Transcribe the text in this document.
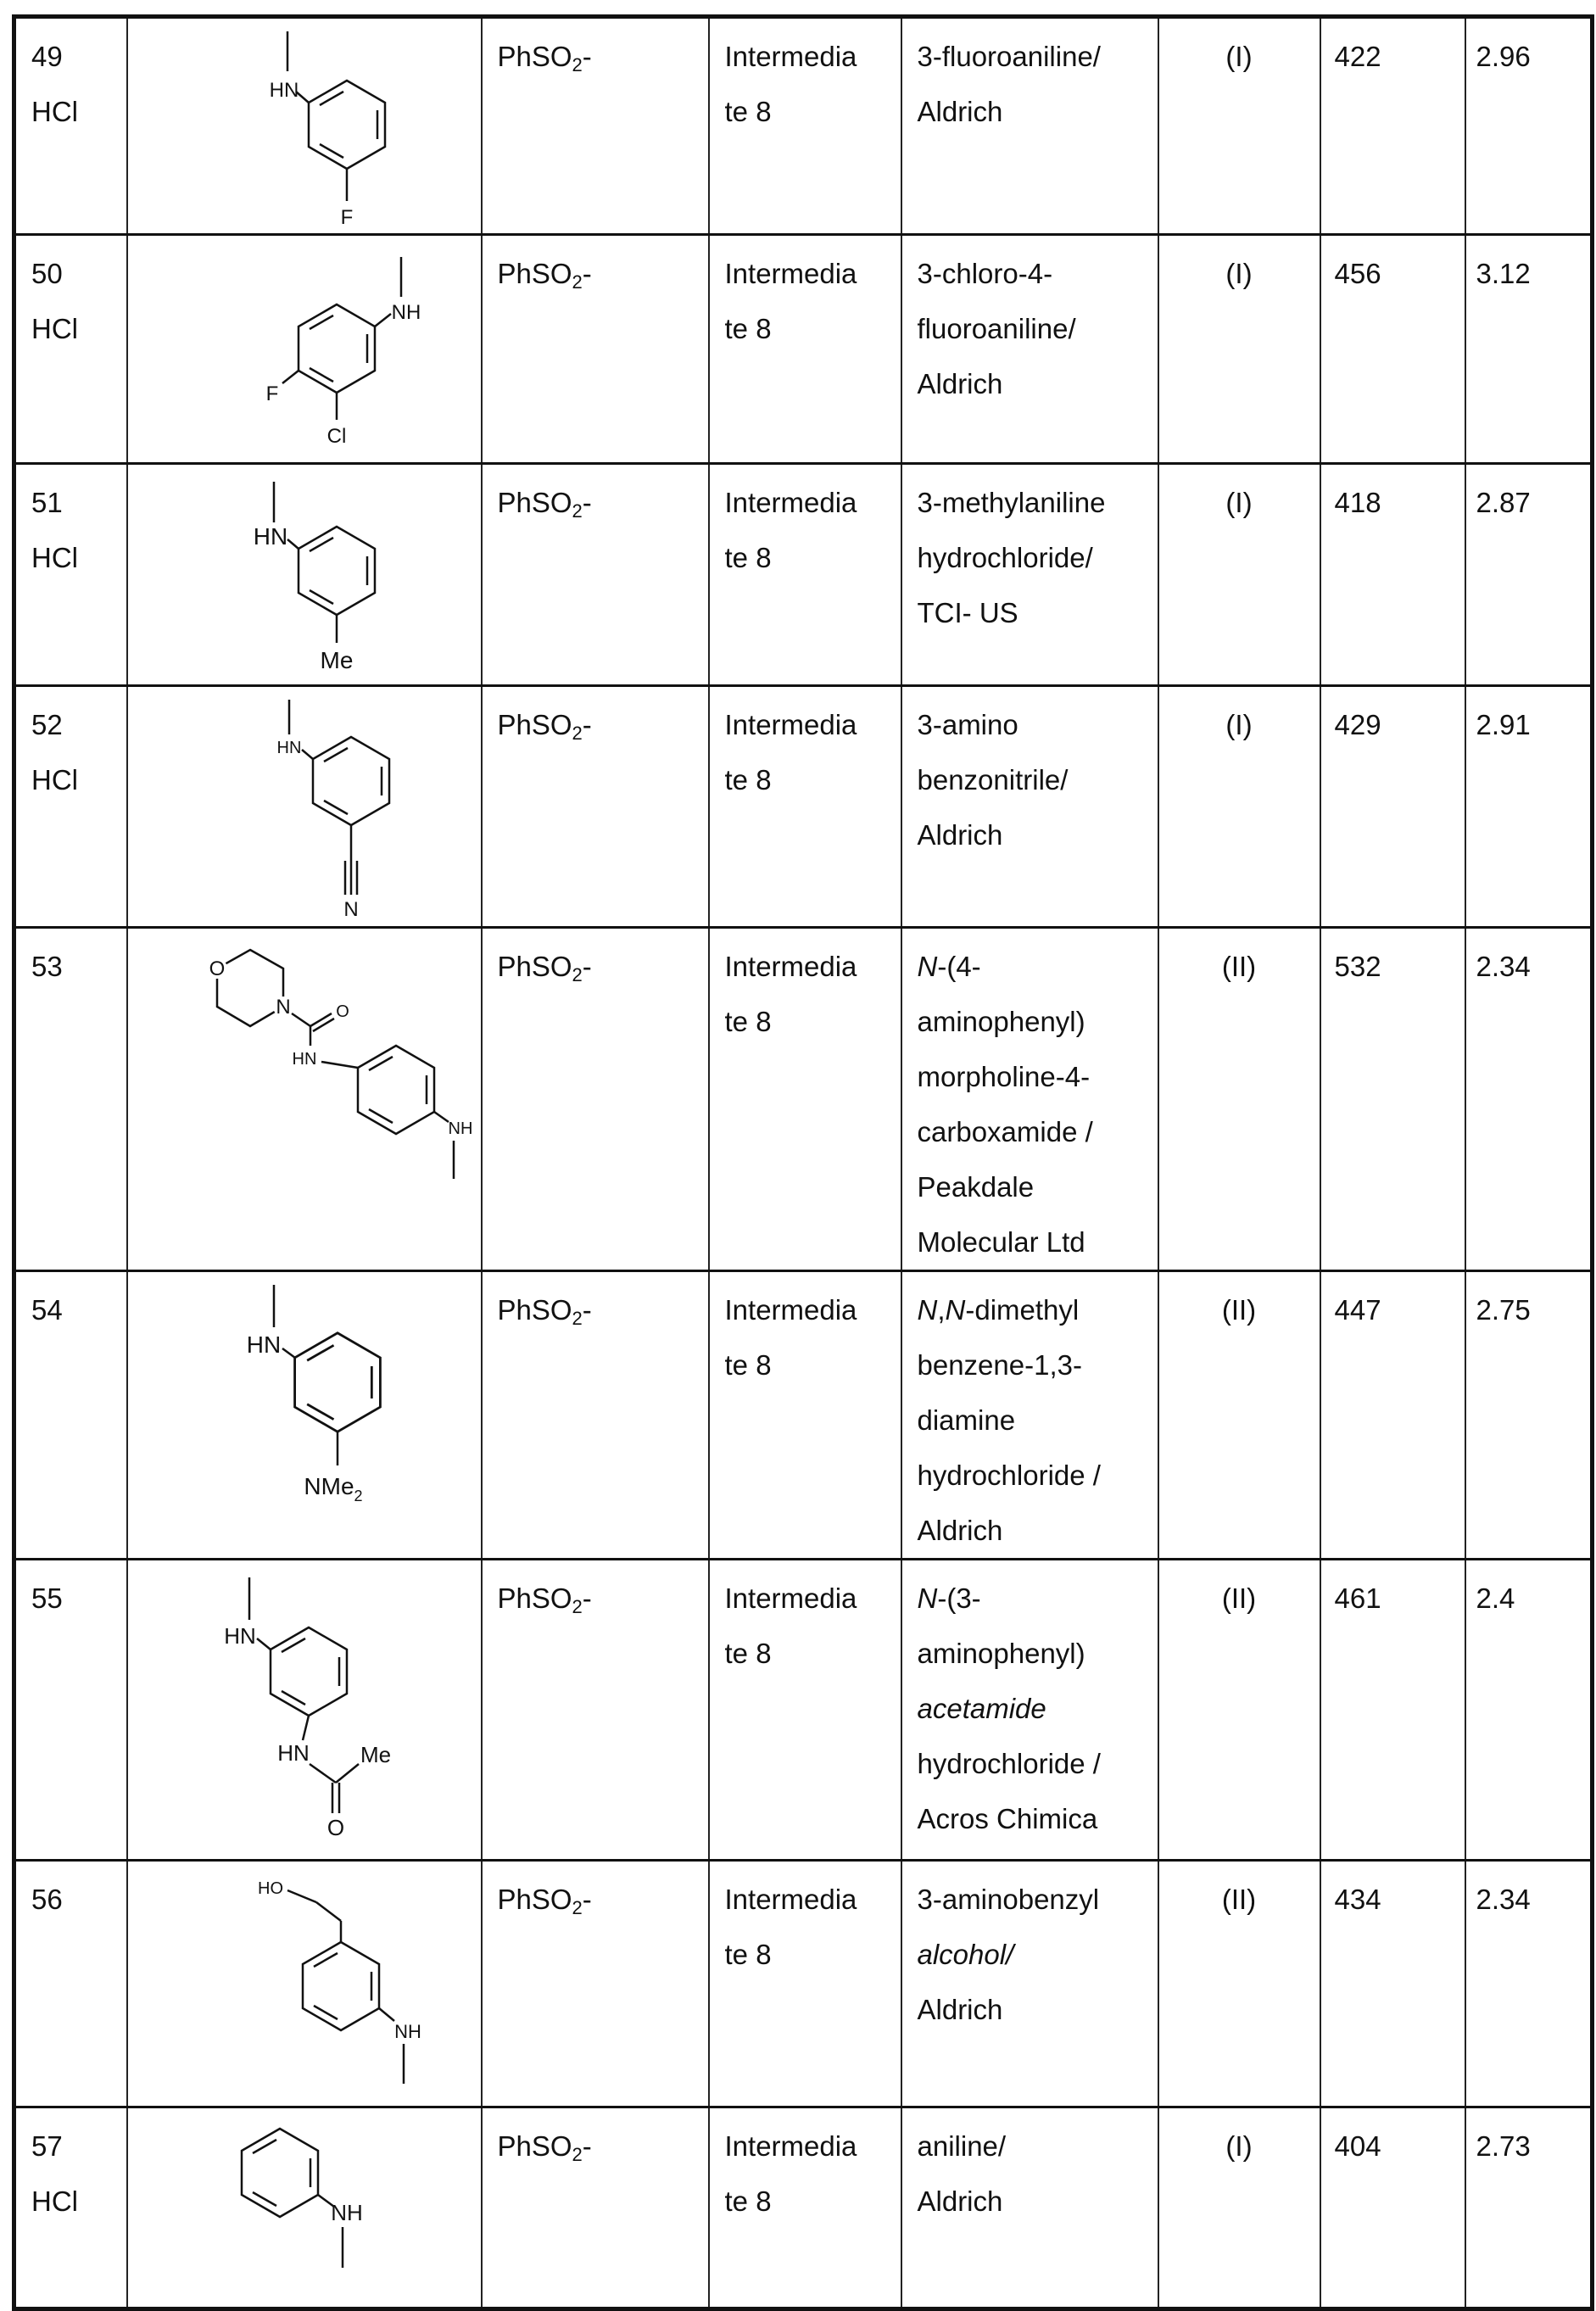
49
HCl

HN
F
	PhSO2-	Intermedia
te 8

3-fluoroaniline/
Aldrich
	(I)	422	2.96

50
HCl

NH
F
Cl
	PhSO2-	Intermedia
te 8

3-chloro-4-
fluoroaniline/
Aldrich
	(I)	456	3.12

51
HCl

HN
Me
	PhSO2-	Intermedia
te 8

3-methylaniline
hydrochloride/
TCI- US
	(I)	418	2.87

52
HCl

HN
N
	PhSO2-	Intermedia
te 8

3-amino
benzonitrile/
Aldrich
	(I)	429	2.91

53	O
N	O
HN
NH
	PhSO2-	Intermedia
te 8

N-(4-
aminophenyl)
morpholine-4-
carboxamide /
Peakdale
Molecular Ltd
	(II)	532	2.34

54

HN
NMe2
	PhSO2-	Intermedia
te 8

N,N-dimethyl
benzene-1,3-
diamine
hydrochloride /
Aldrich
	(II)	447	2.75

55

HN
HN Me
O
	PhSO2-	Intermedia
te 8

N-(3-
aminophenyl)
acetamide
hydrochloride /
Acros Chimica
	(II)	461	2.4

56	HO
NH
	PhSO2-	Intermedia
te 8

3-aminobenzyl
alcohol/
Aldrich
	(II)	434	2.34

57
HCl	NH
	PhSO2-	Intermedia
te 8

aniline/
Aldrich
	(I)	404	2.73
